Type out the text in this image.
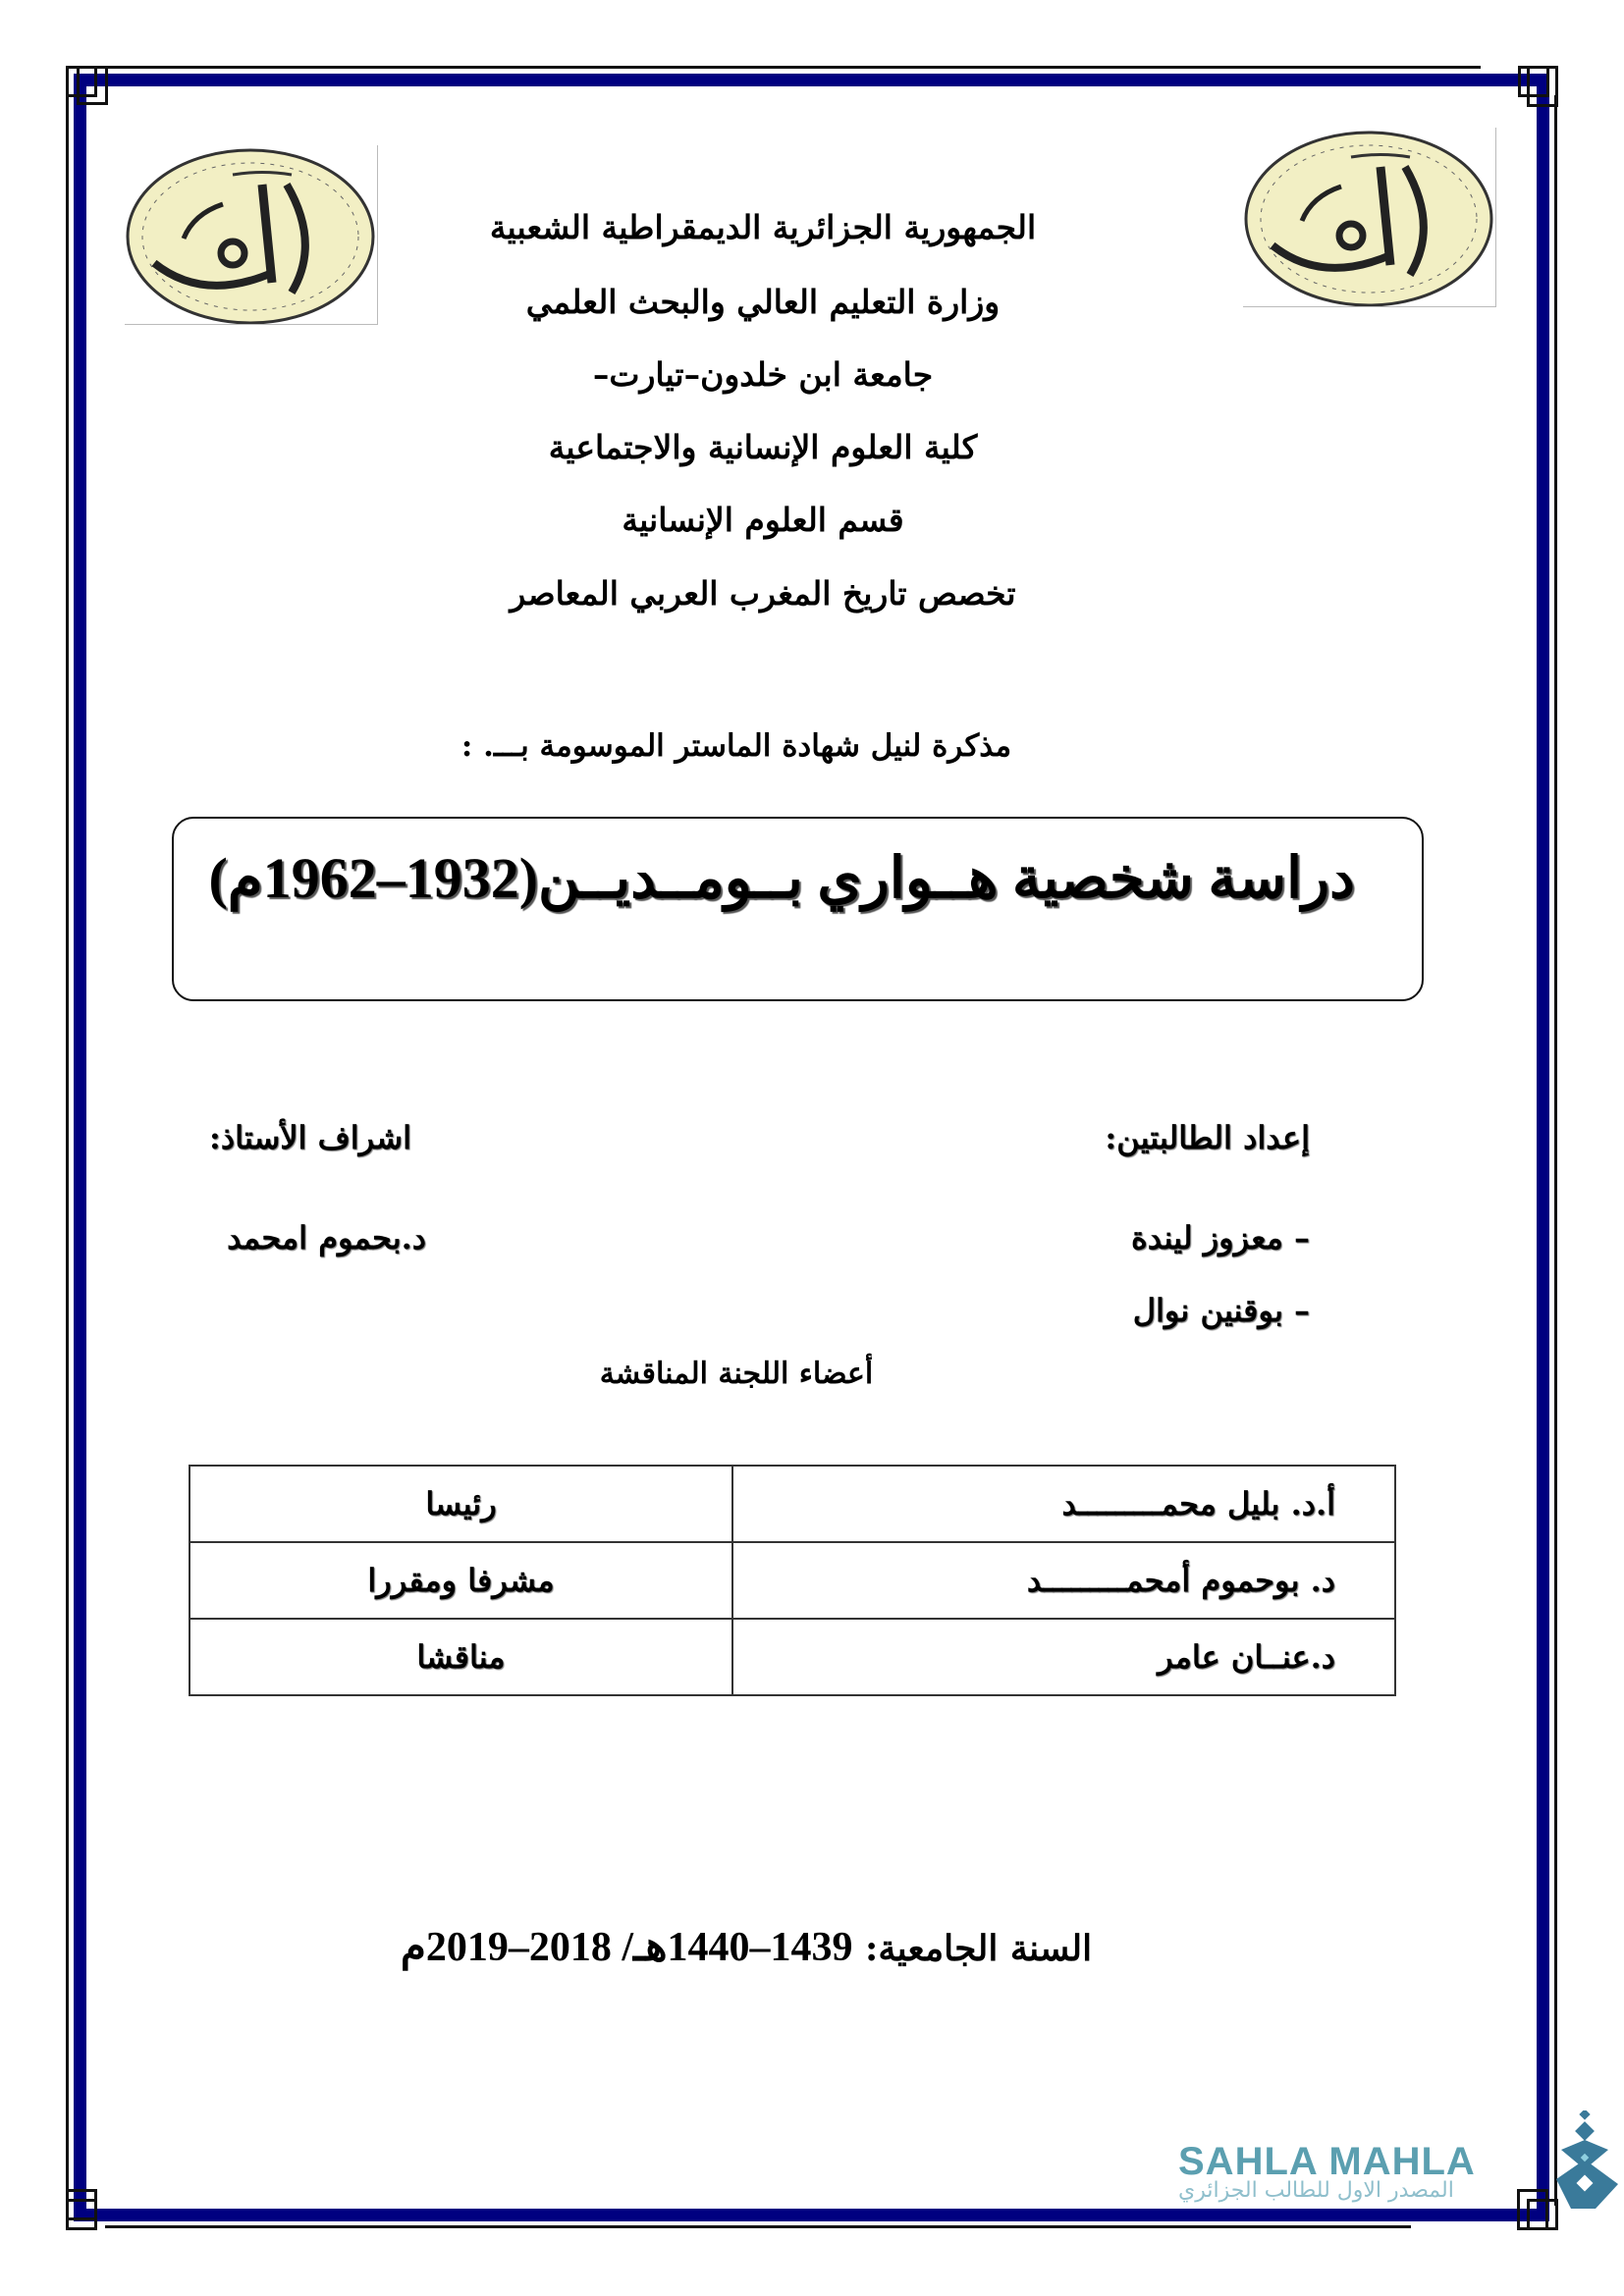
الجمهورية الجزائرية الديمقراطية الشعبية
وزارة التعليم العالي والبحث العلمي
جامعة ابن خلدون–تيارت–
كلية العلوم الإنسانية والاجتماعية
قسم العلوم الإنسانية
تخصص تاريخ المغرب العربي المعاصر
مذكرة لنيل شهادة الماستر الموسومة بـــ. :
دراسة شخصية هــواري بــومــديــن(1932–1962م)
إعداد الطالبتين:
اشراف الأستاذ:
– معزوز ليندة
د.بحموم امحمد
– بوقنين نوال
أعضاء اللجنة المناقشة
أ.د. بليل محمـــــــــد	رئيسا
د. بوحموم أمحمـــــــــد	مشرفا ومقررا
د.عنــان عامر	مناقشا
السنة الجامعية: 1439–1440هـ/ 2018–2019م
SAHLA MAHLA
المصدر الاول للطالب الجزائري
